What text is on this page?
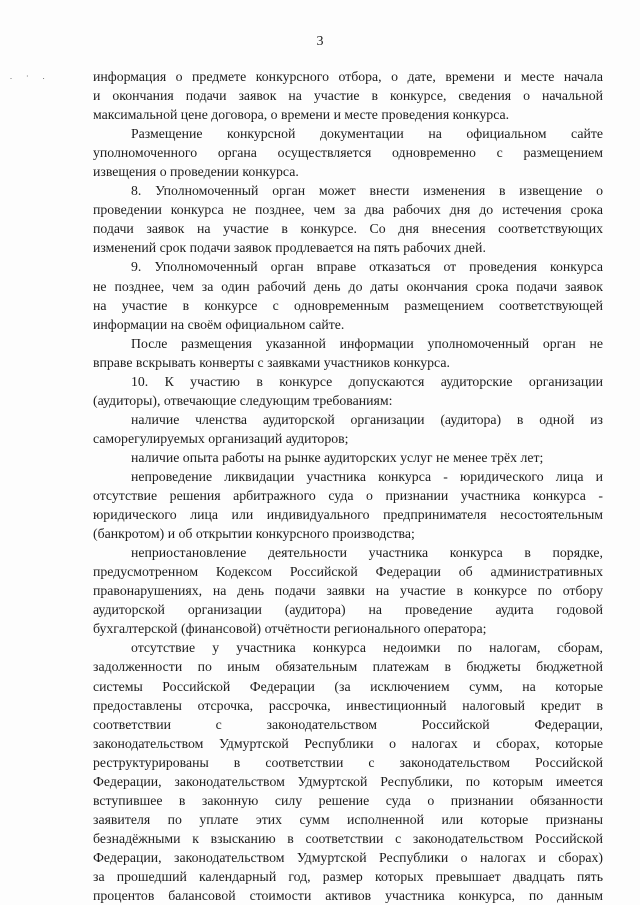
3
. · .	информация о предмете конкурсного отбора, о дате, времени и месте начала

и окончания подачи заявок на участие в конкурсе, сведения о начальной

максимальной цене договора, о времени и месте проведения конкурса.

Размещение конкурсной документации на официальном сайте

уполномоченного органа осуществляется одновременно с размещением

извещения о проведении конкурса.

8. Уполномоченный орган может внести изменения в извещение о

проведении конкурса не позднее, чем за два рабочих дня до истечения срока

подачи заявок на участие в конкурсе. Со дня внесения соответствующих

изменений срок подачи заявок продлевается на пять рабочих дней.

9. Уполномоченный орган вправе отказаться от проведения конкурса

не позднее, чем за один рабочий день до даты окончания срока подачи заявок

на участие в конкурсе с одновременным размещением соответствующей

информации на своём официальном сайте.

После размещения указанной информации уполномоченный орган не

вправе вскрывать конверты с заявками участников конкурса.

10. К участию в конкурсе допускаются аудиторские организации

(аудиторы), отвечающие следующим требованиям:

наличие членства аудиторской организации (аудитора) в одной из

саморегулируемых организаций аудиторов;

наличие опыта работы на рынке аудиторских услуг не менее трёх лет;

непроведение ликвидации участника конкурса - юридического лица и

отсутствие решения арбитражного суда о признании участника конкурса -

юридического лица или индивидуального предпринимателя несостоятельным

(банкротом) и об открытии конкурсного производства;

неприостановление деятельности участника конкурса в порядке,

предусмотренном Кодексом Российской Федерации об административных

правонарушениях, на день подачи заявки на участие в конкурсе по отбору

аудиторской организации (аудитора) на проведение аудита годовой

бухгалтерской (финансовой) отчётности регионального оператора;

отсутствие у участника конкурса недоимки по налогам, сборам,

задолженности по иным обязательным платежам в бюджеты бюджетной

системы Российской Федерации (за исключением сумм, на которые

предоставлены отсрочка, рассрочка, инвестиционный налоговый кредит в

соответствии с законодательством Российской Федерации,

законодательством Удмуртской Республики о налогах и сборах, которые

реструктурированы в соответствии с законодательством Российской

Федерации, законодательством Удмуртской Республики, по которым имеется

вступившее в законную силу решение суда о признании обязанности

заявителя по уплате этих сумм исполненной или которые признаны

безнадёжными к взысканию в соответствии с законодательством Российской

Федерации, законодательством Удмуртской Республики о налогах и сборах)

за прошедший календарный год, размер которых превышает двадцать пять

процентов балансовой стоимости активов участника конкурса, по данным
